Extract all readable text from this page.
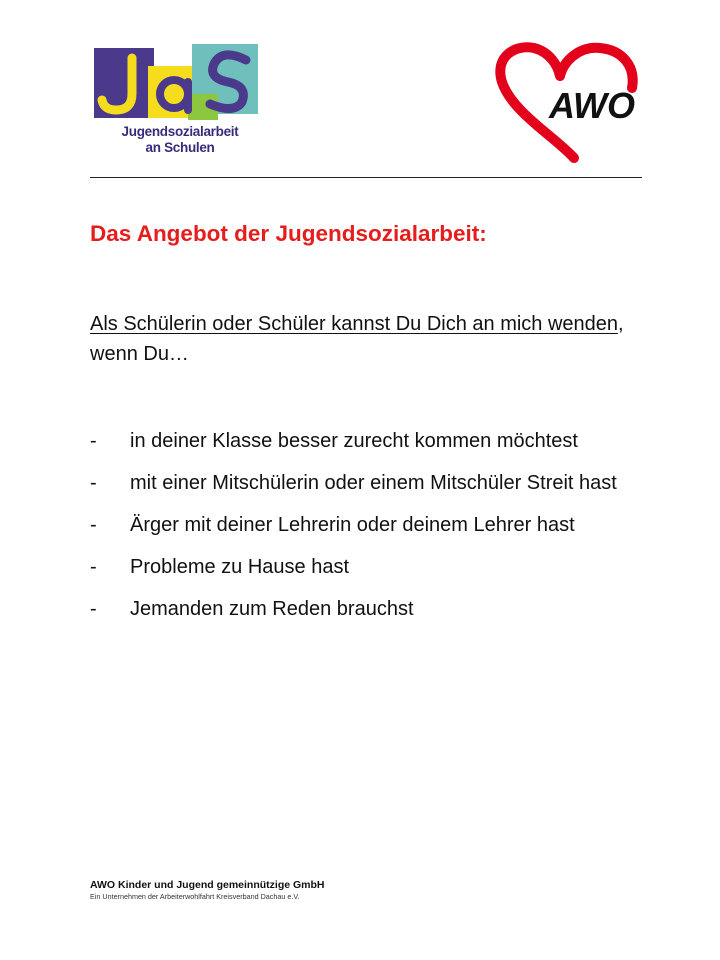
Jugendsozialarbeit
an Schulen
AWO
Das Angebot der Jugendsozialarbeit:

Als Schülerin oder Schüler kannst Du Dich an mich wenden, wenn Du…

- in deiner Klasse besser zurecht kommen möchtest
- mit einer Mitschülerin oder einem Mitschüler Streit hast
- Ärger mit deiner Lehrerin oder deinem Lehrer hast
- Probleme zu Hause hast
- Jemanden zum Reden brauchst
AWO Kinder und Jugend gemeinnützige GmbH
Ein Unternehmen der Arbeiterwohlfahrt Kreisverband Dachau e.V.
